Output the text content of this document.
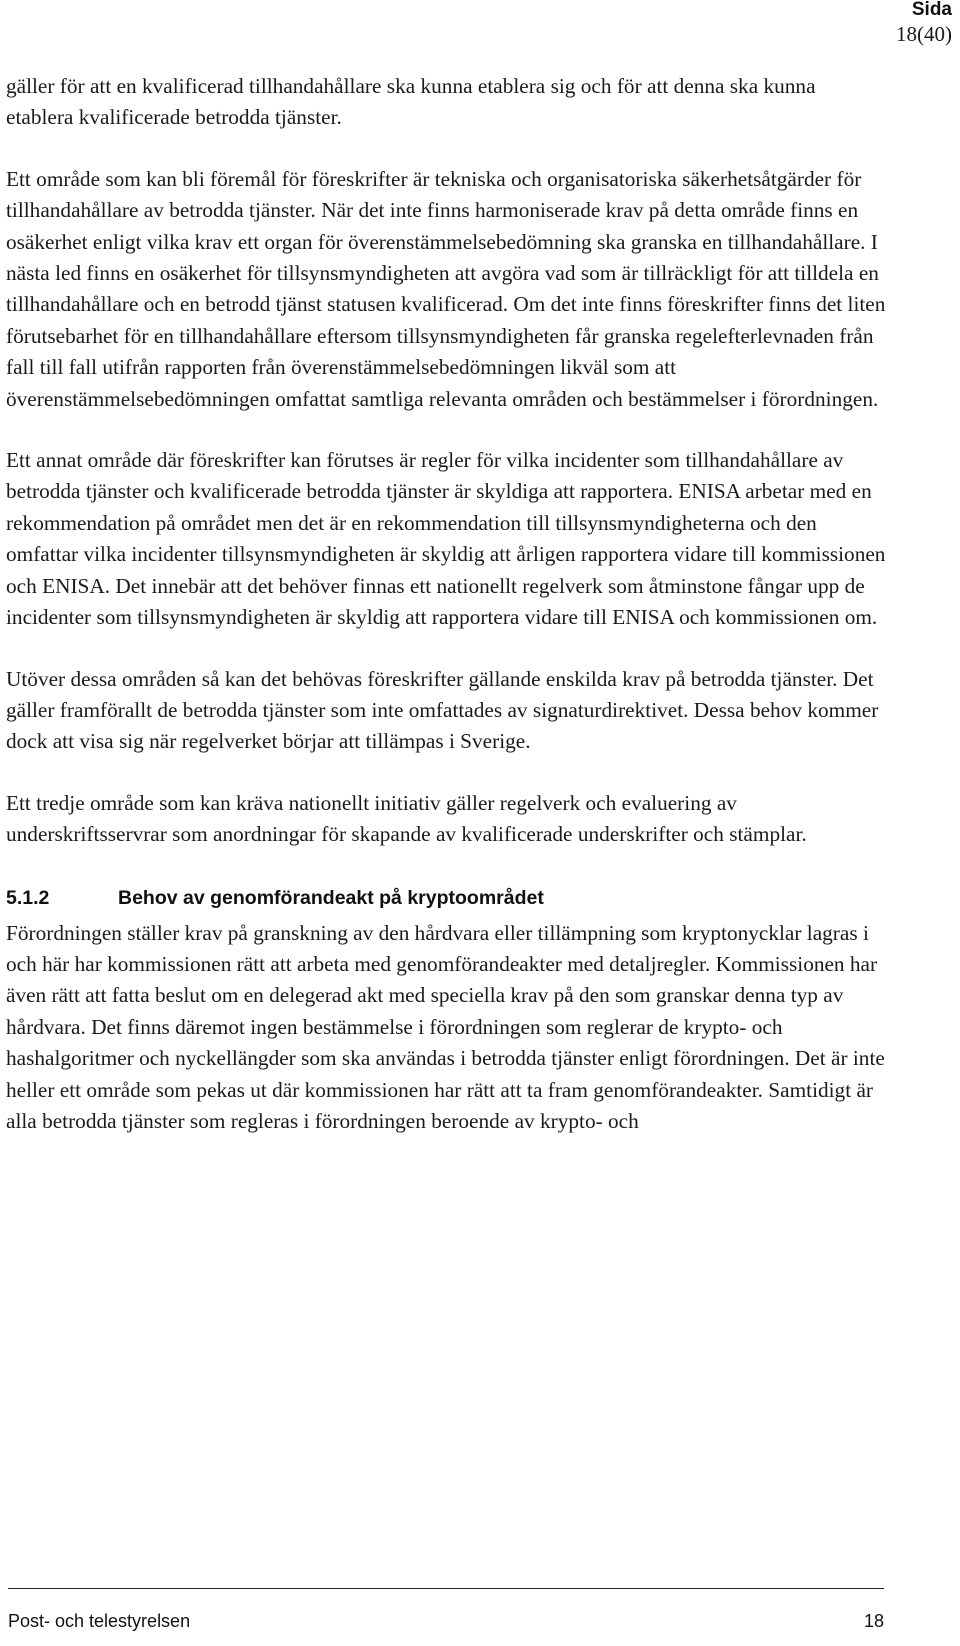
Sida
18(40)

gäller för att en kvalificerad tillhandahållare ska kunna etablera sig och för att denna ska kunna etablera kvalificerade betrodda tjänster.

Ett område som kan bli föremål för föreskrifter är tekniska och organisatoriska säkerhetsåtgärder för tillhandahållare av betrodda tjänster. När det inte finns harmoniserade krav på detta område finns en osäkerhet enligt vilka krav ett organ för överenstämmelsebedömning ska granska en tillhandahållare. I nästa led finns en osäkerhet för tillsynsmyndigheten att avgöra vad som är tillräckligt för att tilldela en tillhandahållare och en betrodd tjänst statusen kvalificerad. Om det inte finns föreskrifter finns det liten förutsebarhet för en tillhandahållare eftersom tillsynsmyndigheten får granska regelefterlevnaden från fall till fall utifrån rapporten från överenstämmelsebedömningen likväl som att överenstämmelsebedömningen omfattat samtliga relevanta områden och bestämmelser i förordningen.

Ett annat område där föreskrifter kan förutses är regler för vilka incidenter som tillhandahållare av betrodda tjänster och kvalificerade betrodda tjänster är skyldiga att rapportera. ENISA arbetar med en rekommendation på området men det är en rekommendation till tillsynsmyndigheterna och den omfattar vilka incidenter tillsynsmyndigheten är skyldig att årligen rapportera vidare till kommissionen och ENISA. Det innebär att det behöver finnas ett nationellt regelverk som åtminstone fångar upp de incidenter som tillsynsmyndigheten är skyldig att rapportera vidare till ENISA och kommissionen om.

Utöver dessa områden så kan det behövas föreskrifter gällande enskilda krav på betrodda tjänster. Det gäller framförallt de betrodda tjänster som inte omfattades av signaturdirektivet. Dessa behov kommer dock att visa sig när regelverket börjar att tillämpas i Sverige.

Ett tredje område som kan kräva nationellt initiativ gäller regelverk och evaluering av underskriftsservrar som anordningar för skapande av kvalificerade underskrifter och stämplar.

5.1.2	Behov av genomförandeakt på kryptoområdet

Förordningen ställer krav på granskning av den hårdvara eller tillämpning som kryptonycklar lagras i och här har kommissionen rätt att arbeta med genomförandeakter med detaljregler. Kommissionen har även rätt att fatta beslut om en delegerad akt med speciella krav på den som granskar denna typ av hårdvara. Det finns däremot ingen bestämmelse i förordningen som reglerar de krypto- och hashalgoritmer och nyckellängder som ska användas i betrodda tjänster enligt förordningen. Det är inte heller ett område som pekas ut där kommissionen har rätt att ta fram genomförandeakter. Samtidigt är alla betrodda tjänster som regleras i förordningen beroende av krypto- och

Post- och telestyrelsen	18
